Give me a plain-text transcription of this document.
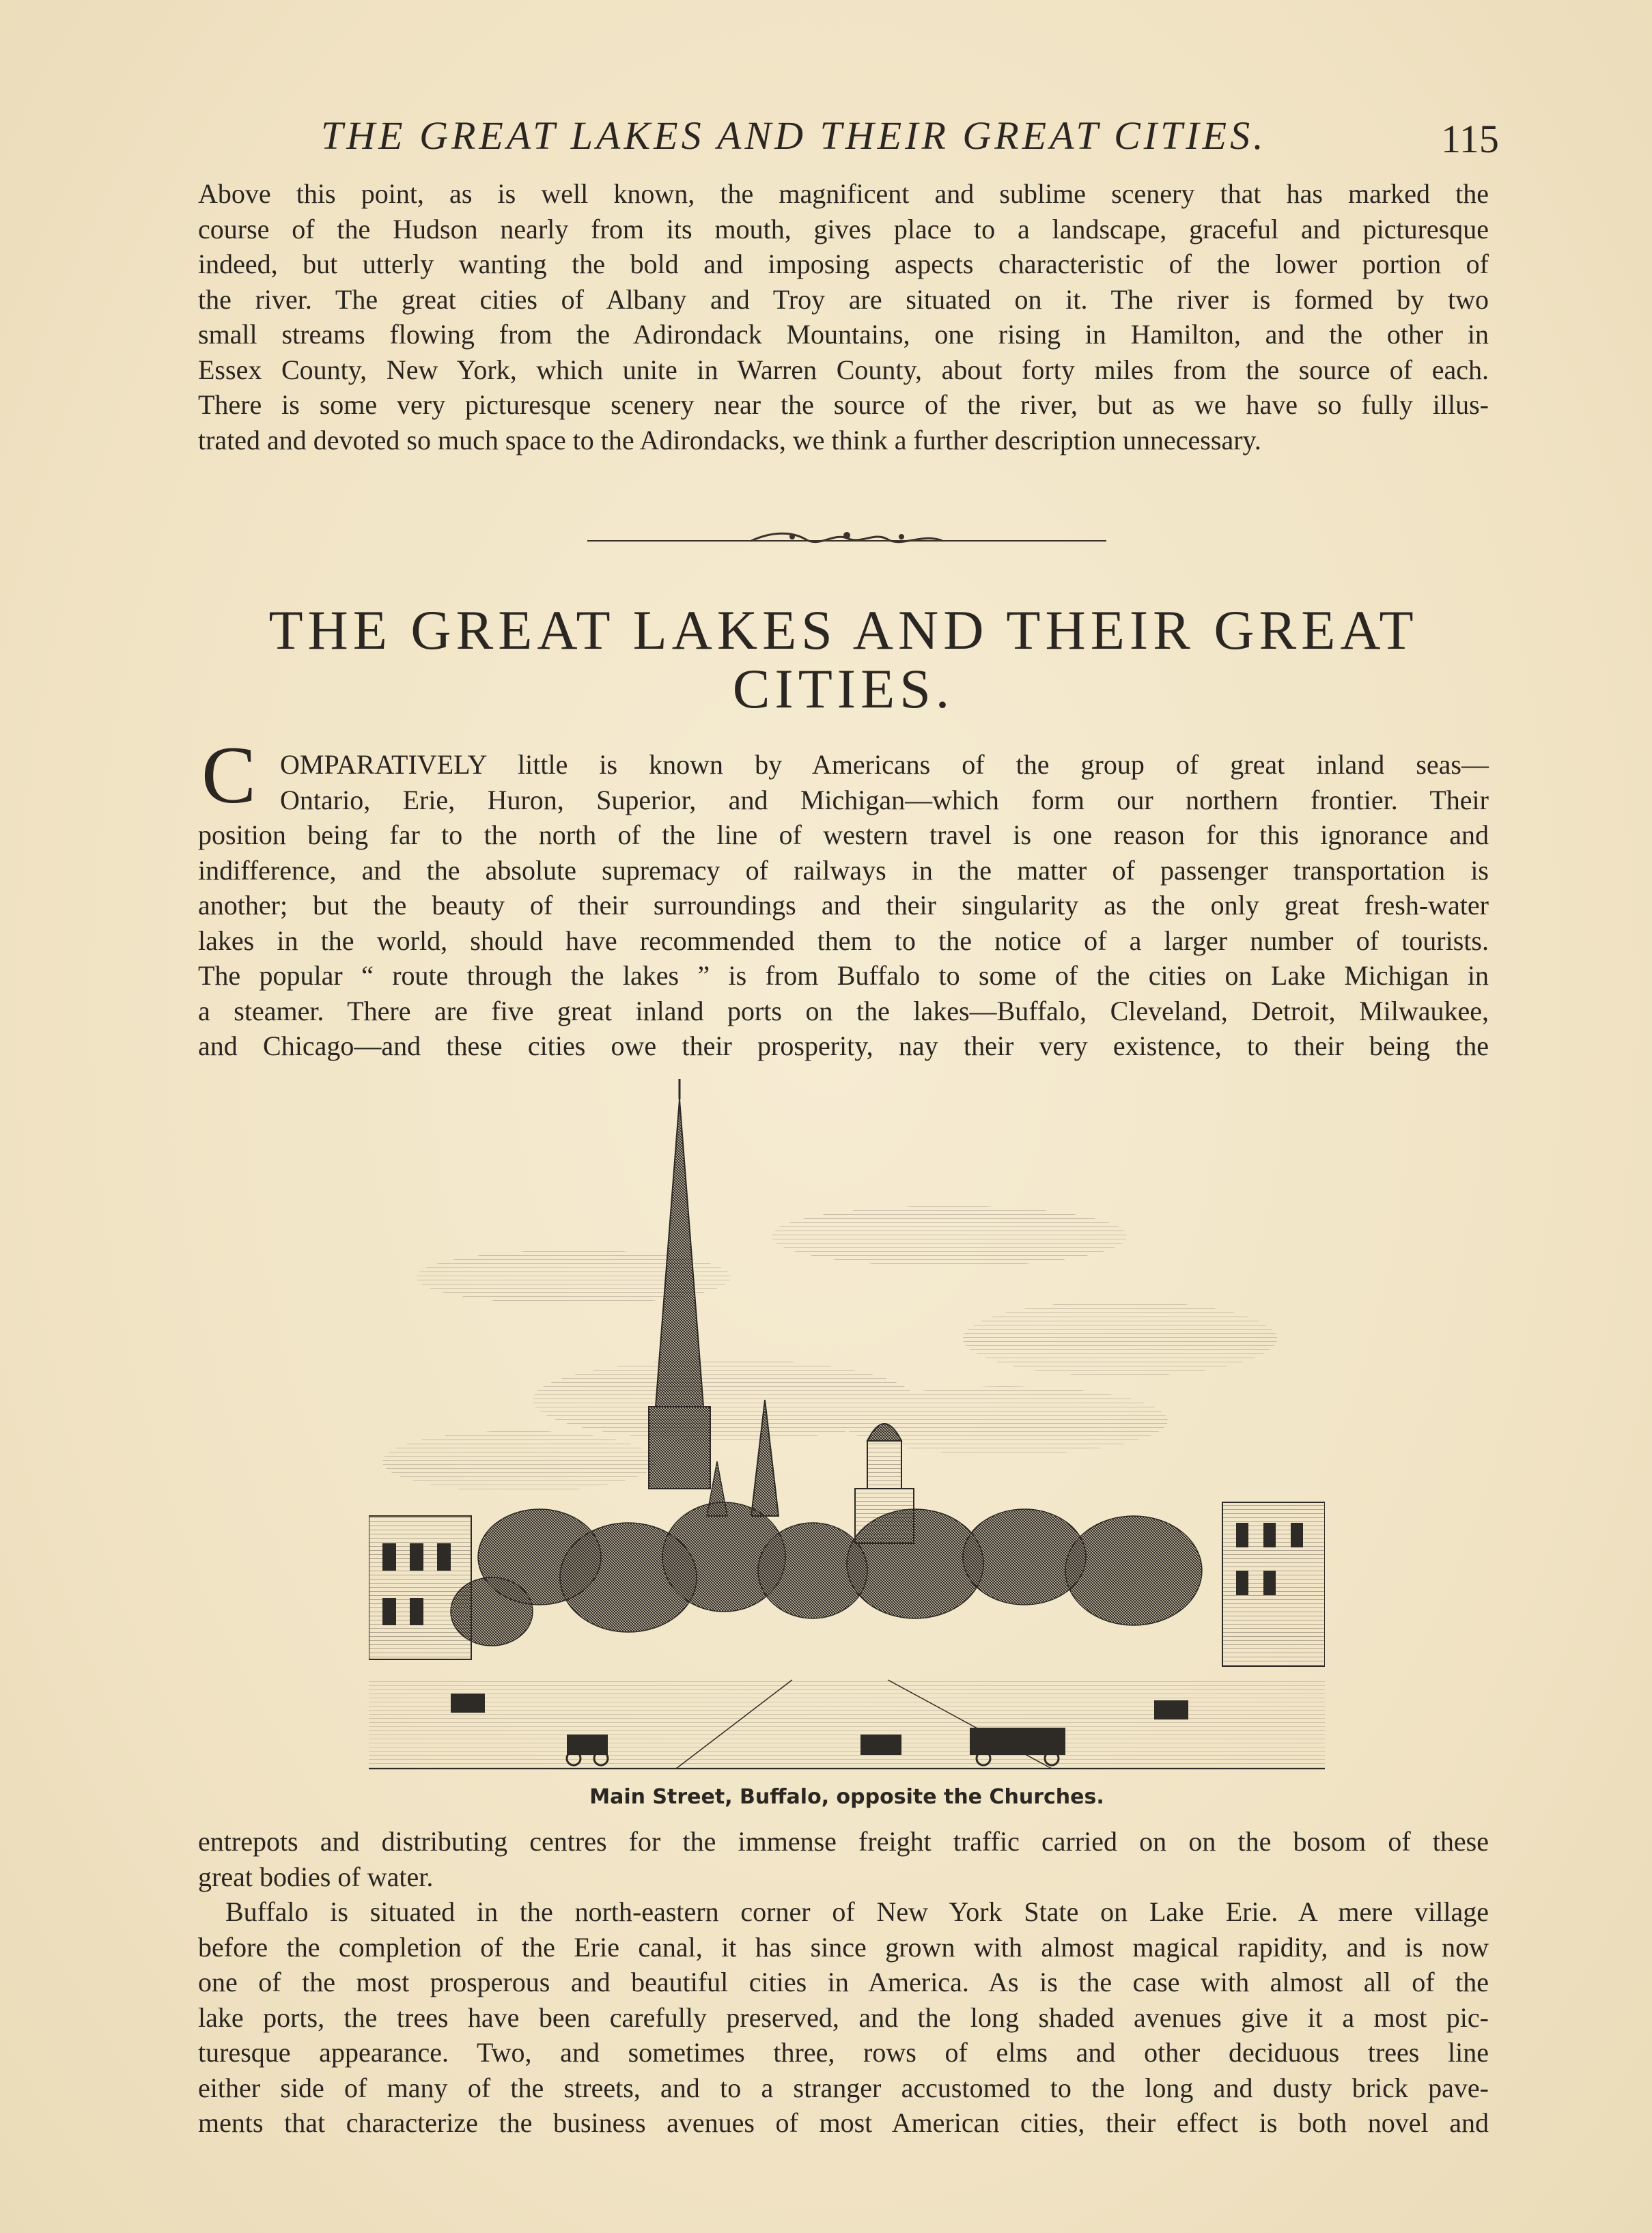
THE GREAT LAKES AND THEIR GREAT CITIES.	115
Above this point, as is well known, the magnificent and sublime scenery that has marked the
course of the Hudson nearly from its mouth, gives place to a landscape, graceful and picturesque
indeed, but utterly wanting the bold and imposing aspects characteristic of the lower portion of
the river. The great cities of Albany and Troy are situated on it. The river is formed by two
small streams flowing from the Adirondack Mountains, one rising in Hamilton, and the other in
Essex County, New York, which unite in Warren County, about forty miles from the source of each.
There is some very picturesque scenery near the source of the river, but as we have so fully illus-
trated and devoted so much space to the Adirondacks, we think a further description unnecessary.
THE GREAT LAKES AND THEIR GREAT
CITIES.
C OMPARATIVELY little is known by Americans of the group of great inland seas—
Ontario, Erie, Huron, Superior, and Michigan—which form our northern frontier. Their
position being far to the north of the line of western travel is one reason for this ignorance and
indifference, and the absolute supremacy of railways in the matter of passenger transportation is
another; but the beauty of their surroundings and their singularity as the only great fresh-water
lakes in the world, should have recommended them to the notice of a larger number of tourists.
The popular “ route through the lakes ” is from Buffalo to some of the cities on Lake Michigan in
a steamer. There are five great inland ports on the lakes—Buffalo, Cleveland, Detroit, Milwaukee,
and Chicago—and these cities owe their prosperity, nay their very existence, to their being the
Main Street, Buffalo, opposite the Churches.
entrepots and distributing centres for the immense freight traffic carried on on the bosom of these
great bodies of water.
Buffalo is situated in the north-eastern corner of New York State on Lake Erie. A mere village
before the completion of the Erie canal, it has since grown with almost magical rapidity, and is now
one of the most prosperous and beautiful cities in America. As is the case with almost all of the
lake ports, the trees have been carefully preserved, and the long shaded avenues give it a most pic-
turesque appearance. Two, and sometimes three, rows of elms and other deciduous trees line
either side of many of the streets, and to a stranger accustomed to the long and dusty brick pave-
ments that characterize the business avenues of most American cities, their effect is both novel and
